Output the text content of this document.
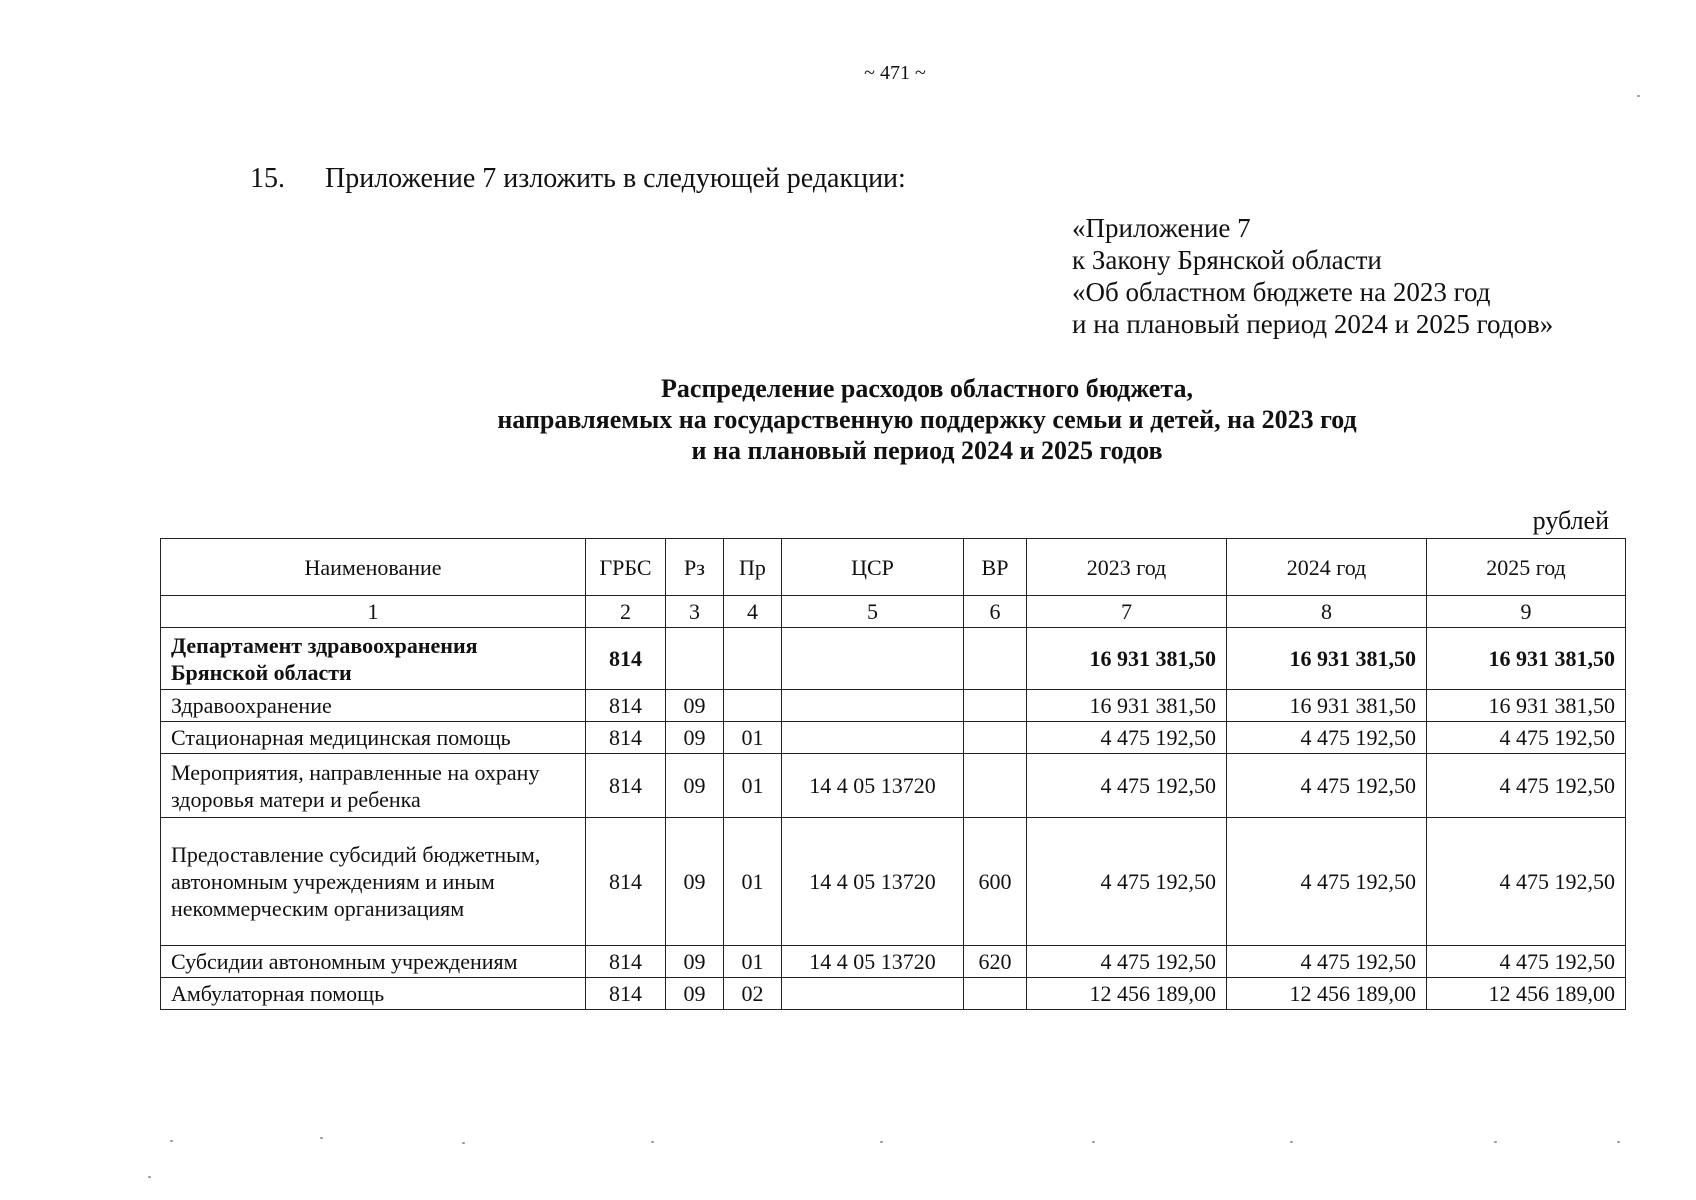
~ 471 ~
15. Приложение 7 изложить в следующей редакции:
«Приложение 7
к Закону Брянской области
«Об областном бюджете на 2023 год
и на плановый период 2024 и 2025 годов»
Распределение расходов областного бюджета,
направляемых на государственную поддержку семьи и детей, на 2023 год
и на плановый период 2024 и 2025 годов
рублей
Наименование	ГРБС	Рз	Пр	ЦСР	ВР	2023 год	2024 год	2025 год
1	2	3	4	5	6	7	8	9
Департамент здравоохранения Брянской области	814					16 931 381,50	16 931 381,50	16 931 381,50
Здравоохранение	814	09				16 931 381,50	16 931 381,50	16 931 381,50
Стационарная медицинская помощь	814	09	01			4 475 192,50	4 475 192,50	4 475 192,50
Мероприятия, направленные на охрану здоровья матери и ребенка	814	09	01	14 4 05 13720		4 475 192,50	4 475 192,50	4 475 192,50
Предоставление субсидий бюджетным, автономным учреждениям и иным некоммерческим организациям	814	09	01	14 4 05 13720	600	4 475 192,50	4 475 192,50	4 475 192,50
Субсидии автономным учреждениям	814	09	01	14 4 05 13720	620	4 475 192,50	4 475 192,50	4 475 192,50
Амбулаторная помощь	814	09	02			12 456 189,00	12 456 189,00	12 456 189,00
